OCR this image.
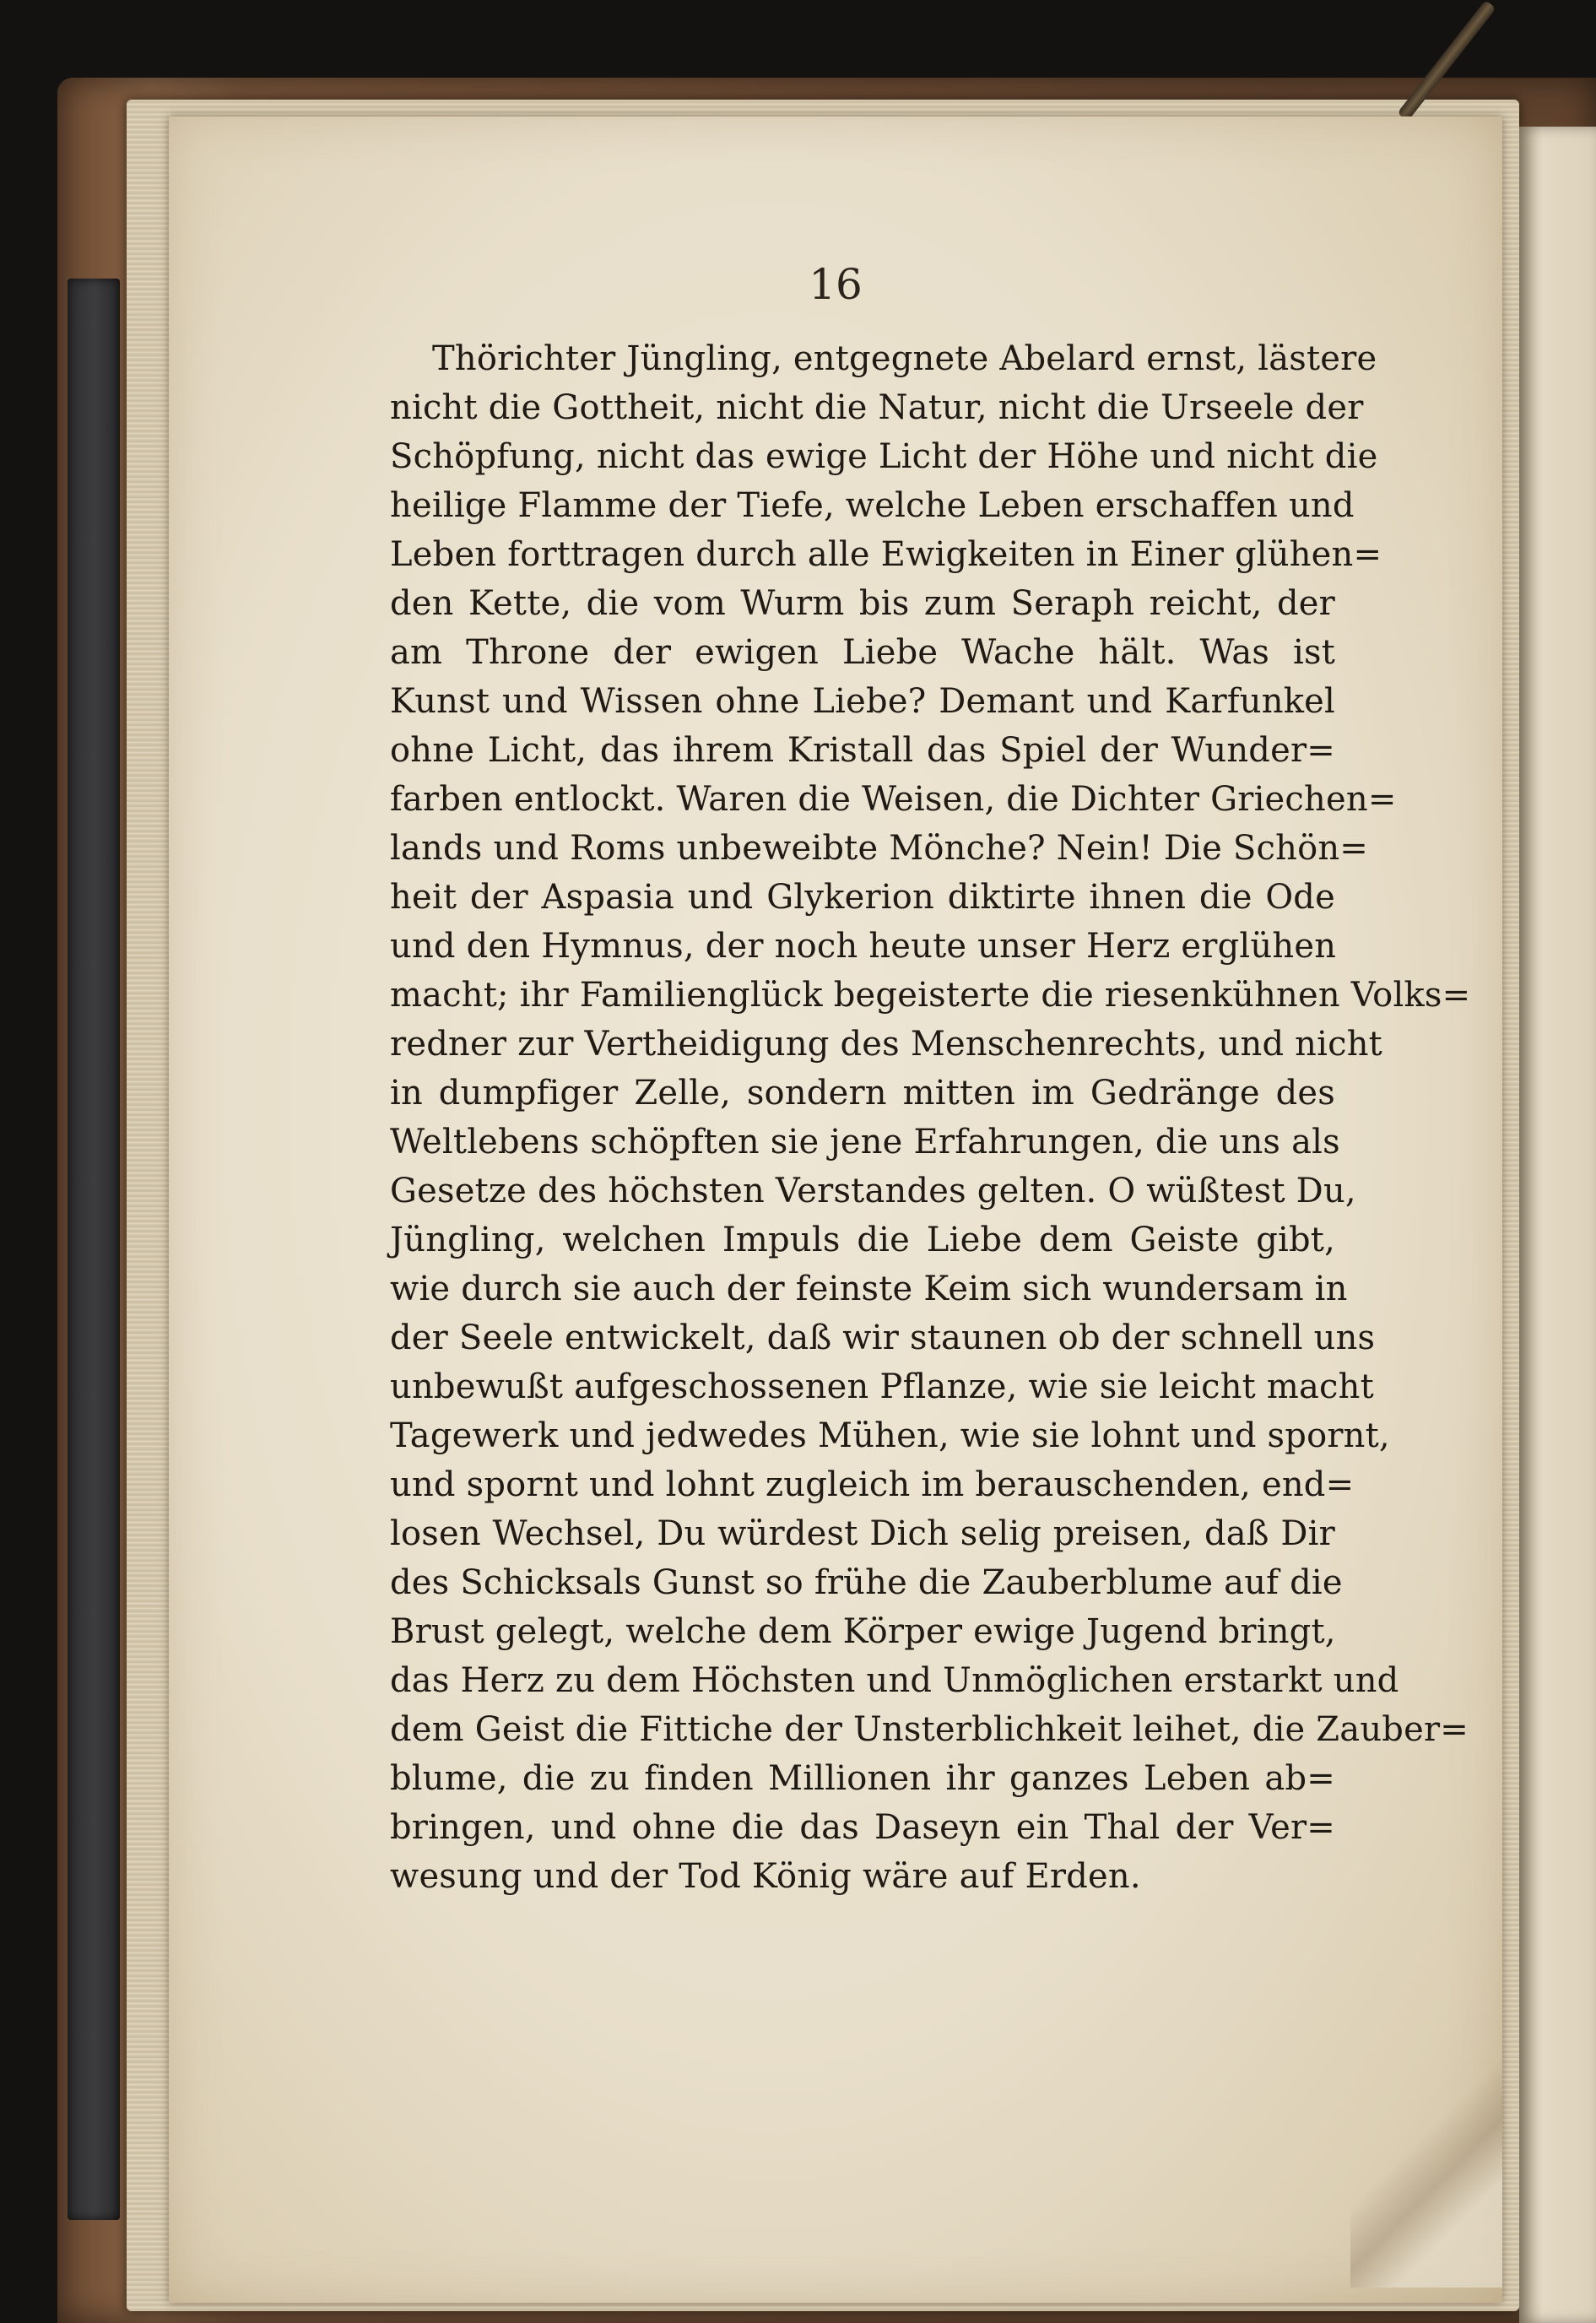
16
Thörichter Jüngling, entgegnete Abelard ernst, lästere
nicht die Gottheit, nicht die Natur, nicht die Urseele der
Schöpfung, nicht das ewige Licht der Höhe und nicht die
heilige Flamme der Tiefe, welche Leben erschaffen und
Leben forttragen durch alle Ewigkeiten in Einer glühen=
den Kette, die vom Wurm bis zum Seraph reicht, der
am Throne der ewigen Liebe Wache hält. Was ist
Kunst und Wissen ohne Liebe? Demant und Karfunkel
ohne Licht, das ihrem Kristall das Spiel der Wunder=
farben entlockt. Waren die Weisen, die Dichter Griechen=
lands und Roms unbeweibte Mönche? Nein! Die Schön=
heit der Aspasia und Glykerion diktirte ihnen die Ode
und den Hymnus, der noch heute unser Herz erglühen
macht; ihr Familienglück begeisterte die riesenkühnen Volks=
redner zur Vertheidigung des Menschenrechts, und nicht
in dumpfiger Zelle, sondern mitten im Gedränge des
Weltlebens schöpften sie jene Erfahrungen, die uns als
Gesetze des höchsten Verstandes gelten. O wüßtest Du,
Jüngling, welchen Impuls die Liebe dem Geiste gibt,
wie durch sie auch der feinste Keim sich wundersam in
der Seele entwickelt, daß wir staunen ob der schnell uns
unbewußt aufgeschossenen Pflanze, wie sie leicht macht
Tagewerk und jedwedes Mühen, wie sie lohnt und spornt,
und spornt und lohnt zugleich im berauschenden, end=
losen Wechsel, Du würdest Dich selig preisen, daß Dir
des Schicksals Gunst so frühe die Zauberblume auf die
Brust gelegt, welche dem Körper ewige Jugend bringt,
das Herz zu dem Höchsten und Unmöglichen erstarkt und
dem Geist die Fittiche der Unsterblichkeit leihet, die Zauber=
blume, die zu finden Millionen ihr ganzes Leben ab=
bringen, und ohne die das Daseyn ein Thal der Ver=
wesung und der Tod König wäre auf Erden.
